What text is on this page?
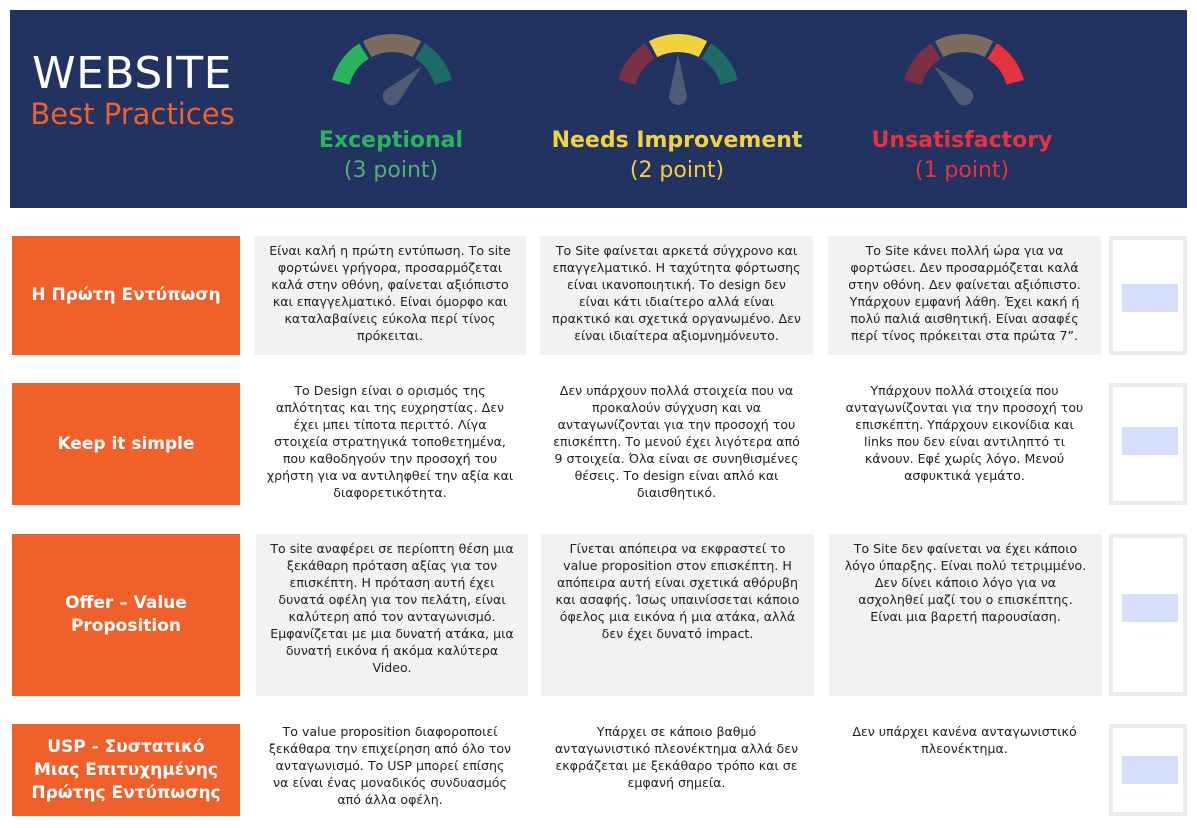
WEBSITE
Best Practices
Exceptional
(3 point)
Needs Improvement
(2 point)
Unsatisfactory
(1 point)
Η Πρώτη Εντύπωση
Είναι καλή η πρώτη εντύπωση. Το site φορτώνει γρήγορα, προσαρμόζεται καλά στην οθόνη, φαίνεται αξιόπιστο και επαγγελματικό. Είναι όμορφο και καταλαβαίνεις εύκολα περί τίνος πρόκειται.
Το Site φαίνεται αρκετά σύγχρονο και επαγγελματικό. Η ταχύτητα φόρτωσης είναι ικανοποιητική. Το design δεν είναι κάτι ιδιαίτερο αλλά είναι πρακτικό και σχετικά οργανωμένο. Δεν είναι ιδιαίτερα αξιομνημόνευτο.
Το Site κάνει πολλή ώρα για να φορτώσει. Δεν προσαρμόζεται καλά στην οθόνη. Δεν φαίνεται αξιόπιστο. Υπάρχουν εμφανή λάθη. Έχει κακή ή πολύ παλιά αισθητική. Είναι ασαφές περί τίνος πρόκειται στα πρώτα 7”.
Keep it simple
Το Design είναι ο ορισμός της απλότητας και της ευχρηστίας. Δεν έχει μπει τίποτα περιττό. Λίγα στοιχεία στρατηγικά τοποθετημένα, που καθοδηγούν την προσοχή του χρήστη για να αντιληφθεί την αξία και διαφορετικότητα.
Δεν υπάρχουν πολλά στοιχεία που να προκαλούν σύγχυση και να ανταγωνίζονται για την προσοχή του επισκέπτη. Το μενού έχει λιγότερα από 9 στοιχεία. Όλα είναι σε συνηθισμένες θέσεις. Το design είναι απλό και διαισθητικό.
Υπάρχουν πολλά στοιχεία που ανταγωνίζονται για την προσοχή του επισκέπτη. Υπάρχουν εικονίδια και links που δεν είναι αντιληπτό τι κάνουν. Εφέ χωρίς λόγο. Μενού ασφυκτικά γεμάτο.
Offer – Value Proposition
Το site αναφέρει σε περίοπτη θέση μια ξεκάθαρη πρόταση αξίας για τον επισκέπτη. Η πρόταση αυτή έχει δυνατά οφέλη για τον πελάτη, είναι καλύτερη από τον ανταγωνισμό. Εμφανίζεται με μια δυνατή ατάκα, μια δυνατή εικόνα ή ακόμα καλύτερα Video.
Γίνεται απόπειρα να εκφραστεί το value proposition στον επισκέπτη. Η απόπειρα αυτή είναι σχετικά αθόρυβη και ασαφής. Ίσως υπαινίσσεται κάποιο όφελος μια εικόνα ή μια ατάκα, αλλά δεν έχει δυνατό impact.
Το Site δεν φαίνεται να έχει κάποιο λόγο ύπαρξης. Είναι πολύ τετριμμένο. Δεν δίνει κάποιο λόγο για να ασχοληθεί μαζί του ο επισκέπτης. Είναι μια βαρετή παρουσίαση.
USP - Συστατικό Μιας Επιτυχημένης Πρώτης Εντύπωσης
Το value proposition διαφοροποιεί ξεκάθαρα την επιχείρηση από όλο τον ανταγωνισμό. Το USP μπορεί επίσης να είναι ένας μοναδικός συνδυασμός από άλλα οφέλη.
Υπάρχει σε κάποιο βαθμό ανταγωνιστικό πλεονέκτημα αλλά δεν εκφράζεται με ξεκάθαρο τρόπο και σε εμφανή σημεία.
Δεν υπάρχει κανένα ανταγωνιστικό πλεονέκτημα.
